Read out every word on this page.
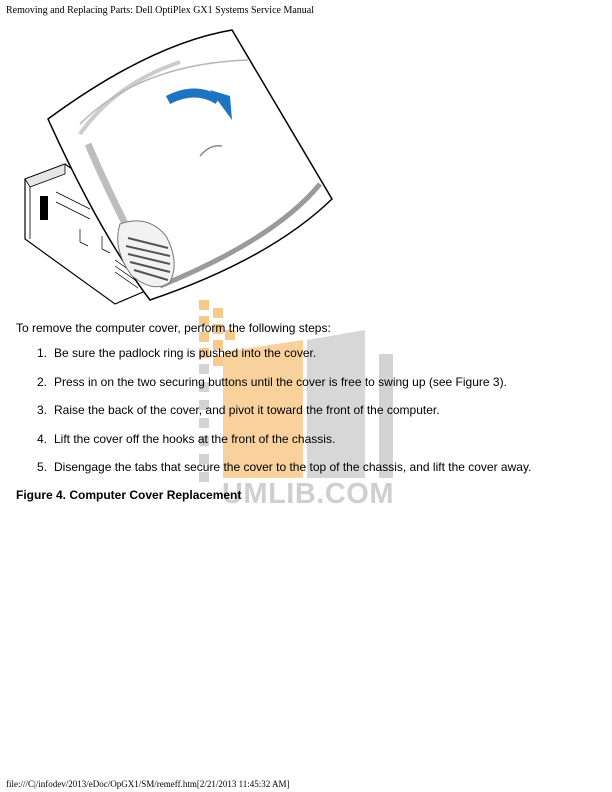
Removing and Replacing Parts: Dell OptiPlex GX1 Systems Service Manual
UMLIB.COM
To remove the computer cover, perform the following steps:
1. Be sure the padlock ring is pushed into the cover.
2. Press in on the two securing buttons until the cover is free to swing up (see Figure 3).
3. Raise the back of the cover, and pivot it toward the front of the computer.
4. Lift the cover off the hooks at the front of the chassis.
5. Disengage the tabs that secure the cover to the top of the chassis, and lift the cover away.
Figure 4. Computer Cover Replacement
file:///C|/infodev/2013/eDoc/OpGX1/SM/remeff.htm[2/21/2013 11:45:32 AM]
